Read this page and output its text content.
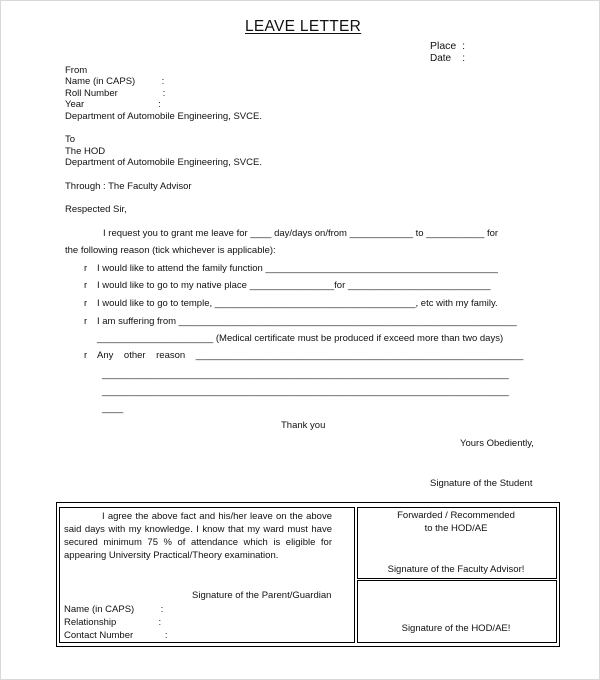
LEAVE LETTER
Place  :
Date    :
From
Name (in CAPS)          :
Roll Number                 :
Year                            :
Department of Automobile Engineering, SVCE.
To
The HOD
Department of Automobile Engineering, SVCE.
Through : The Faculty Advisor
Respected Sir,
I request you to grant me leave for ____ day/days on/from ____________ to ___________ for
the following reason (tick whichever is applicable):
r I would like to attend the family function ____________________________________________
r I would like to go to my native place ________________for ___________________________
r I would like to go to temple, ______________________________________, etc with my family.
r I am suffering from ________________________________________________________________
______________________ (Medical certificate must be produced if exceed more than two days)
r Any    other    reason    ______________________________________________________________
_____________________________________________________________________________
_____________________________________________________________________________
____
Thank you
Yours Obediently,
Signature of the Student
I agree the above fact and his/her leave on the above said days with my knowledge. I know that my ward must have secured minimum 75 % of attendance which is eligible for appearing University Practical/Theory examination.
Signature of the Parent/Guardian
Name (in CAPS)          :
Relationship                :
Contact Number            :
Forwarded / Recommended
to the HOD/AE
Signature of the Faculty Advisor!
Signature of the HOD/AE!
